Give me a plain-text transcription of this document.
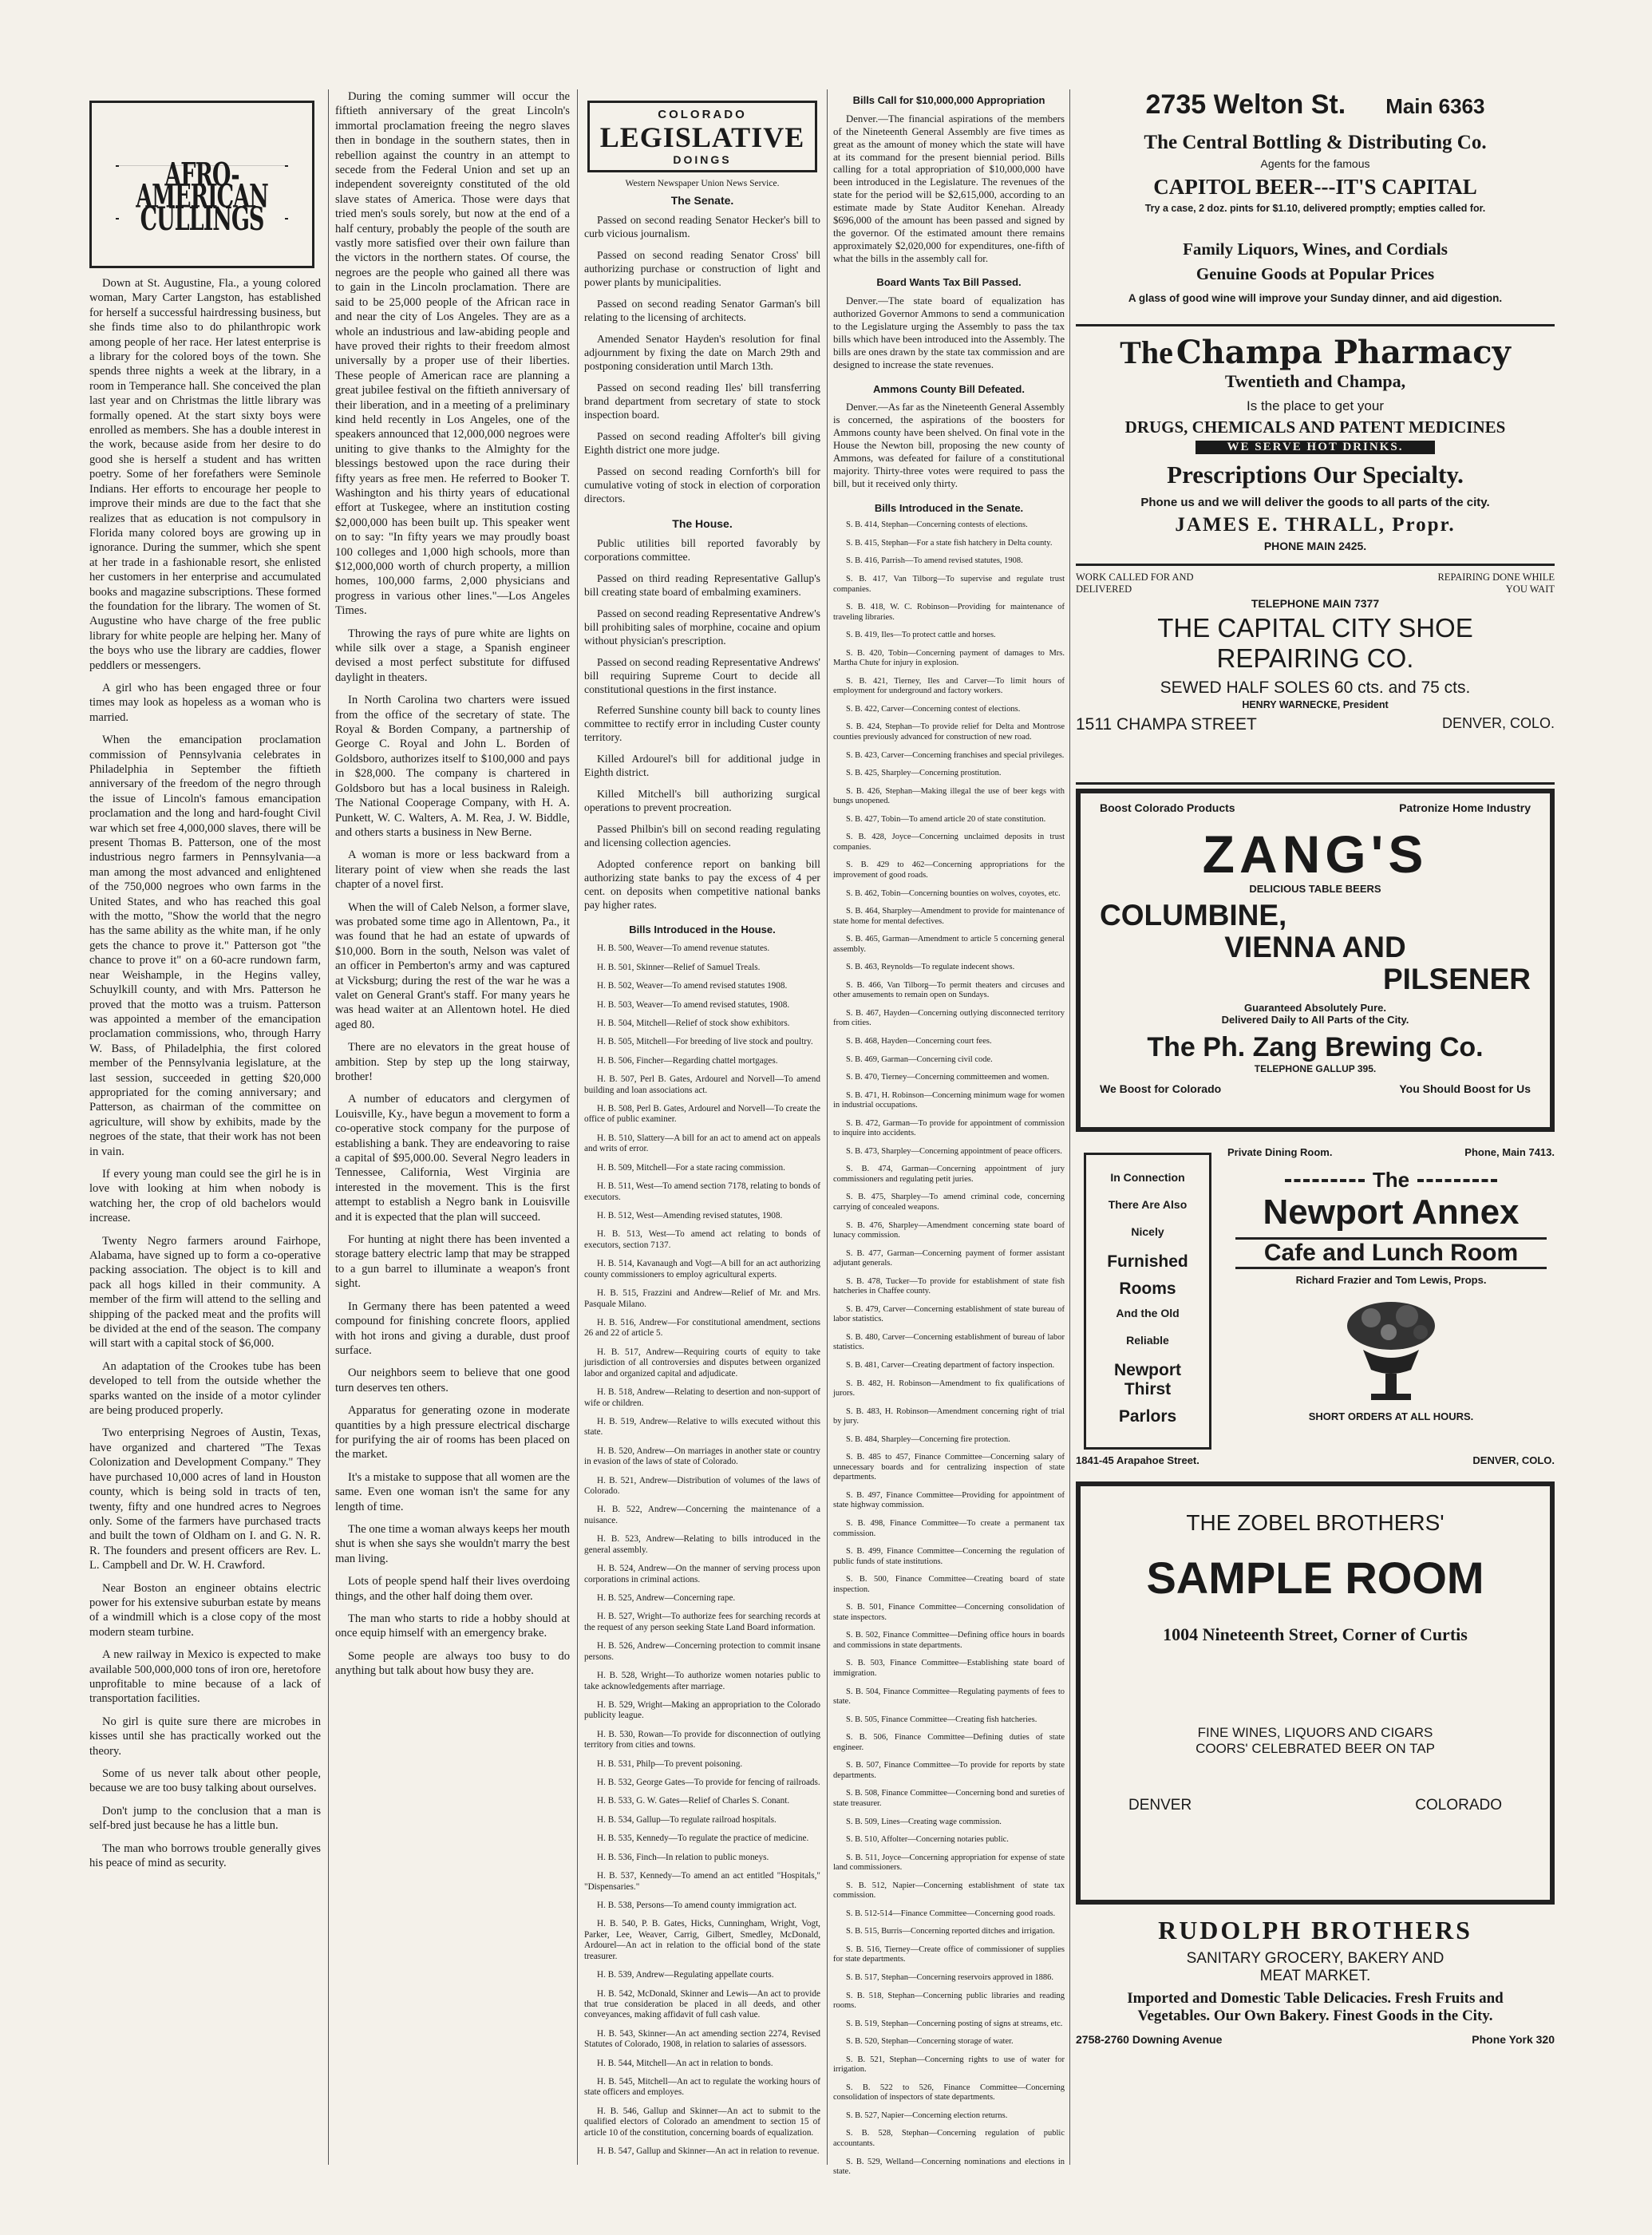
AFRO-AMERICAN CULLINGS

Down at St. Augustine, Fla., a young colored woman, Mary Carter Langston, has established for herself a successful hairdressing business, but she finds time also to do philanthropic work among people of her race. Her latest enterprise is a library for the colored boys of the town. She spends three nights a week at the library, in a room in Temperance hall. She conceived the plan last year and on Christmas the little library was formally opened. At the start sixty boys were enrolled as members. She has a double interest in the work, because aside from her desire to do good she is herself a student and has written poetry. Some of her forefathers were Seminole Indians. Her efforts to encourage her people to improve their minds are due to the fact that she realizes that as education is not compulsory in Florida many colored boys are growing up in ignorance. During the summer, which she spent at her trade in a fashionable resort, she enlisted her customers in her enterprise and accumulated books and magazine subscriptions. These formed the foundation for the library. The women of St. Augustine who have charge of the free public library for white people are helping her. Many of the boys who use the library are caddies, flower peddlers or messengers.

A girl who has been engaged three or four times may look as hopeless as a woman who is married.

When the emancipation proclamation commission of Pennsylvania celebrates in Philadelphia in September the fiftieth anniversary of the freedom of the negro through the issue of Lincoln's famous emancipation proclamation and the long and hard-fought Civil war which set free 4,000,000 slaves, there will be present Thomas B. Patterson, one of the most industrious negro farmers in Pennsylvania—a man among the most advanced and enlightened of the 750,000 negroes who own farms in the United States, and who has reached this goal with the motto, "Show the world that the negro has the same ability as the white man, if he only gets the chance to prove it." Patterson got "the chance to prove it" on a 60-acre rundown farm, near Weishample, in the Hegins valley, Schuylkill county, and with Mrs. Patterson he proved that the motto was a truism. Patterson was appointed a member of the emancipation proclamation commissions, who, through Harry W. Bass, of Philadelphia, the first colored member of the Pennsylvania legislature, at the last session, succeeded in getting $20,000 appropriated for the coming anniversary; and Patterson, as chairman of the committee on agriculture, will show by exhibits, made by the negroes of the state, that their work has not been in vain.

If every young man could see the girl he is in love with looking at him when nobody is watching her, the crop of old bachelors would increase.

Twenty Negro farmers around Fairhope, Alabama, have signed up to form a co-operative packing association. The object is to kill and pack all hogs killed in their community. A member of the firm will attend to the selling and shipping of the packed meat and the profits will be divided at the end of the season. The company will start with a capital stock of $6,000.

An adaptation of the Crookes tube has been developed to tell from the outside whether the sparks wanted on the inside of a motor cylinder are being produced properly.

Two enterprising Negroes of Austin, Texas, have organized and chartered "The Texas Colonization and Development Company." They have purchased 10,000 acres of land in Houston county, which is being sold in tracts of ten, twenty, fifty and one hundred acres to Negroes only. Some of the farmers have purchased tracts and built the town of Oldham on I. and G. N. R. R. The founders and present officers are Rev. L. L. Campbell and Dr. W. H. Crawford.

Near Boston an engineer obtains electric power for his extensive suburban estate by means of a windmill which is a close copy of the most modern steam turbine.

A new railway in Mexico is expected to make available 500,000,000 tons of iron ore, heretofore unprofitable to mine because of a lack of transportation facilities.

No girl is quite sure there are microbes in kisses until she has practically worked out the theory.

Some of us never talk about other people, because we are too busy talking about ourselves.

Don't jump to the conclusion that a man is self-bred just because he has a little bun.

The man who borrows trouble generally gives his peace of mind as security.

During the coming summer will occur the fiftieth anniversary of the great Lincoln's immortal proclamation freeing the negro slaves then in bondage in the southern states, then in rebellion against the country in an attempt to secede from the Federal Union and set up an independent sovereignty constituted of the old slave states of America. Those were days that tried men's souls sorely, but now at the end of a half century, probably the people of the south are vastly more satisfied over their own failure than the victors in the northern states. Of course, the negroes are the people who gained all there was to gain in the Lincoln proclamation. There are said to be 25,000 people of the African race in and near the city of Los Angeles. They are as a whole an industrious and law-abiding people and have proved their rights to their freedom almost universally by a proper use of their liberties. These people of American race are planning a great jubilee festival on the fiftieth anniversary of their liberation, and in a meeting of a preliminary kind held recently in Los Angeles, one of the speakers announced that 12,000,000 negroes were uniting to give thanks to the Almighty for the blessings bestowed upon the race during their fifty years as free men. He referred to Booker T. Washington and his thirty years of educational effort at Tuskegee, where an institution costing $2,000,000 has been built up. This speaker went on to say: "In fifty years we may proudly boast 100 colleges and 1,000 high schools, more than $12,000,000 worth of church property, a million homes, 100,000 farms, 2,000 physicians and progress in various other lines."—Los Angeles Times.

Throwing the rays of pure white are lights on while silk over a stage, a Spanish engineer devised a most perfect substitute for diffused daylight in theaters.

In North Carolina two charters were issued from the office of the secretary of state. The Royal & Borden Company, a partnership of George C. Royal and John L. Borden of Goldsboro, authorizes itself to $100,000 and pays in $28,000. The company is chartered in Goldsboro but has a local business in Raleigh. The National Cooperage Company, with H. A. Punkett, W. C. Walters, A. M. Rea, J. W. Biddle, and others starts a business in New Berne.

A woman is more or less backward from a literary point of view when she reads the last chapter of a novel first.

When the will of Caleb Nelson, a former slave, was probated some time ago in Allentown, Pa., it was found that he had an estate of upwards of $10,000. Born in the south, Nelson was valet of an officer in Pemberton's army and was captured at Vicksburg; during the rest of the war he was a valet on General Grant's staff. For many years he was head waiter at an Allentown hotel. He died aged 80.

There are no elevators in the great house of ambition. Step by step up the long stairway, brother!

A number of educators and clergymen of Louisville, Ky., have begun a movement to form a co-operative stock company for the purpose of establishing a bank. They are endeavoring to raise a capital of $95,000.00. Several Negro leaders in Tennessee, California, West Virginia are interested in the movement. This is the first attempt to establish a Negro bank in Louisville and it is expected that the plan will succeed.

For hunting at night there has been invented a storage battery electric lamp that may be strapped to a gun barrel to illuminate a weapon's front sight.

In Germany there has been patented a weed compound for finishing concrete floors, applied with hot irons and giving a durable, dust proof surface.

Our neighbors seem to believe that one good turn deserves ten others.

Apparatus for generating ozone in moderate quantities by a high pressure electrical discharge for purifying the air of rooms has been placed on the market.

It's a mistake to suppose that all women are the same. Even one woman isn't the same for any length of time.

The one time a woman always keeps her mouth shut is when she says she wouldn't marry the best man living.

Lots of people spend half their lives overdoing things, and the other half doing them over.

The man who starts to ride a hobby should at once equip himself with an emergency brake.

Some people are always too busy to do anything but talk about how busy they are.

COLORADO
LEGISLATIVE
DOINGS
Western Newspaper Union News Service.
The Senate.

Passed on second reading Senator Hecker's bill to curb vicious journalism.

Passed on second reading Senator Cross' bill authorizing purchase or construction of light and power plants by municipalities.

Passed on second reading Senator Garman's bill relating to the licensing of architects.

Amended Senator Hayden's resolution for final adjournment by fixing the date on March 29th and postponing consideration until March 13th.

Passed on second reading Iles' bill transferring brand department from secretary of state to stock inspection board.

Passed on second reading Affolter's bill giving Eighth district one more judge.

Passed on second reading Cornforth's bill for cumulative voting of stock in election of corporation directors.

The House.

Public utilities bill reported favorably by corporations committee.

Passed on third reading Representative Gallup's bill creating state board of embalming examiners.

Passed on second reading Representative Andrew's bill prohibiting sales of morphine, cocaine and opium without physician's prescription.

Passed on second reading Representative Andrews' bill requiring Supreme Court to decide all constitutional questions in the first instance.

Referred Sunshine county bill back to county lines committee to rectify error in including Custer county territory.

Killed Ardourel's bill for additional judge in Eighth district.

Killed Mitchell's bill authorizing surgical operations to prevent procreation.

Passed Philbin's bill on second reading regulating and licensing collection agencies.

Adopted conference report on banking bill authorizing state banks to pay the excess of 4 per cent. on deposits when competitive national banks pay higher rates.

Bills Introduced in the House.

H. B. 500, Weaver—To amend revenue statutes.

H. B. 501, Skinner—Relief of Samuel Treals.

H. B. 502, Weaver—To amend revised statutes 1908.

H. B. 503, Weaver—To amend revised statutes, 1908.

H. B. 504, Mitchell—Relief of stock show exhibitors.

H. B. 505, Mitchell—For breeding of live stock and poultry.

H. B. 506, Fincher—Regarding chattel mortgages.

H. B. 507, Perl B. Gates, Ardourel and Norvell—To amend building and loan associations act.

H. B. 508, Perl B. Gates, Ardourel and Norvell—To create the office of public examiner.

H. B. 510, Slattery—A bill for an act to amend act on appeals and writs of error.

H. B. 509, Mitchell—For a state racing commission.

H. B. 511, West—To amend section 7178, relating to bonds of executors.

H. B. 512, West—Amending revised statutes, 1908.

H. B. 513, West—To amend act relating to bonds of executors, section 7137.

H. B. 514, Kavanaugh and Vogt—A bill for an act authorizing county commissioners to employ agricultural experts.

H. B. 515, Frazzini and Andrew—Relief of Mr. and Mrs. Pasquale Milano.

H. B. 516, Andrew—For constitutional amendment, sections 26 and 22 of article 5.

H. B. 517, Andrew—Requiring courts of equity to take jurisdiction of all controversies and disputes between organized labor and organized capital and adjudicate.

H. B. 518, Andrew—Relating to desertion and non-support of wife or children.

H. B. 519, Andrew—Relative to wills executed without this state.

H. B. 520, Andrew—On marriages in another state or country in evasion of the laws of state of Colorado.

H. B. 521, Andrew—Distribution of volumes of the laws of Colorado.

H. B. 522, Andrew—Concerning the maintenance of a nuisance.

H. B. 523, Andrew—Relating to bills introduced in the general assembly.

H. B. 524, Andrew—On the manner of serving process upon corporations in criminal actions.

H. B. 525, Andrew—Concerning rape.

H. B. 527, Wright—To authorize fees for searching records at the request of any person seeking State Land Board information.

H. B. 526, Andrew—Concerning protection to commit insane persons.

H. B. 528, Wright—To authorize women notaries public to take acknowledgements after marriage.

H. B. 529, Wright—Making an appropriation to the Colorado publicity league.

H. B. 530, Rowan—To provide for disconnection of outlying territory from cities and towns.

H. B. 531, Philp—To prevent poisoning.

H. B. 532, George Gates—To provide for fencing of railroads.

H. B. 533, G. W. Gates—Relief of Charles S. Conant.

H. B. 534, Gallup—To regulate railroad hospitals.

H. B. 535, Kennedy—To regulate the practice of medicine.

H. B. 536, Finch—In relation to public moneys.

H. B. 537, Kennedy—To amend an act entitled "Hospitals," "Dispensaries."

H. B. 538, Persons—To amend county immigration act.

H. B. 540, P. B. Gates, Hicks, Cunningham, Wright, Vogt, Parker, Lee, Weaver, Carrig, Gilbert, Smedley, McDonald, Ardourel—An act in relation to the official bond of the state treasurer.

H. B. 539, Andrew—Regulating appellate courts.

H. B. 542, McDonald, Skinner and Lewis—An act to provide that true consideration be placed in all deeds, and other conveyances, making affidavit of full cash value.

H. B. 543, Skinner—An act amending section 2274, Revised Statutes of Colorado, 1908, in relation to salaries of assessors.

H. B. 544, Mitchell—An act in relation to bonds.

H. B. 545, Mitchell—An act to regulate the working hours of state officers and employes.

H. B. 546, Gallup and Skinner—An act to submit to the qualified electors of Colorado an amendment to section 15 of article 10 of the constitution, concerning boards of equalization.

H. B. 547, Gallup and Skinner—An act in relation to revenue.

Bills Call for $10,000,000 Appropriation

Denver.—The financial aspirations of the members of the Nineteenth General Assembly are five times as great as the amount of money which the state will have at its command for the present biennial period. Bills calling for a total appropriation of $10,000,000 have been introduced in the Legislature. The revenues of the state for the period will be $2,615,000, according to an estimate made by State Auditor Kenehan. Already $696,000 of the amount has been passed and signed by the governor. Of the estimated amount there remains approximately $2,020,000 for expenditures, one-fifth of what the bills in the assembly call for.

Board Wants Tax Bill Passed.

Denver.—The state board of equalization has authorized Governor Ammons to send a communication to the Legislature urging the Assembly to pass the tax bills which have been introduced into the Assembly. The bills are ones drawn by the state tax commission and are designed to increase the state revenues.

Ammons County Bill Defeated.

Denver.—As far as the Nineteenth General Assembly is concerned, the aspirations of the boosters for Ammons county have been shelved. On final vote in the House the Newton bill, proposing the new county of Ammons, was defeated for failure of a constitutional majority. Thirty-three votes were required to pass the bill, but it received only thirty.

Bills Introduced in the Senate.

S. B. 414, Stephan—Concerning contests of elections.

S. B. 415, Stephan—For a state fish hatchery in Delta county.

S. B. 416, Parrish—To amend revised statutes, 1908.

S. B. 417, Van Tilborg—To supervise and regulate trust companies.

S. B. 418, W. C. Robinson—Providing for maintenance of traveling libraries.

S. B. 419, Iles—To protect cattle and horses.

S. B. 420, Tobin—Concerning payment of damages to Mrs. Martha Chute for injury in explosion.

S. B. 421, Tierney, Iles and Carver—To limit hours of employment for underground and factory workers.

S. B. 422, Carver—Concerning contest of elections.

S. B. 424, Stephan—To provide relief for Delta and Montrose counties previously advanced for construction of new road.

S. B. 423, Carver—Concerning franchises and special privileges.

S. B. 425, Sharpley—Concerning prostitution.

S. B. 426, Stephan—Making illegal the use of beer kegs with bungs unopened.

S. B. 427, Tobin—To amend article 20 of state constitution.

S. B. 428, Joyce—Concerning unclaimed deposits in trust companies.

S. B. 429 to 462—Concerning appropriations for the improvement of good roads.

S. B. 462, Tobin—Concerning bounties on wolves, coyotes, etc.

S. B. 464, Sharpley—Amendment to provide for maintenance of state home for mental defectives.

S. B. 465, Garman—Amendment to article 5 concerning general assembly.

S. B. 463, Reynolds—To regulate indecent shows.

S. B. 466, Van Tilborg—To permit theaters and circuses and other amusements to remain open on Sundays.

S. B. 467, Hayden—Concerning outlying disconnected territory from cities.

S. B. 468, Hayden—Concerning court fees.

S. B. 469, Garman—Concerning civil code.

S. B. 470, Tierney—Concerning committeemen and women.

S. B. 471, H. Robinson—Concerning minimum wage for women in industrial occupations.

S. B. 472, Garman—To provide for appointment of commission to inquire into accidents.

S. B. 473, Sharpley—Concerning appointment of peace officers.

S. B. 474, Garman—Concerning appointment of jury commissioners and regulating petit juries.

S. B. 475, Sharpley—To amend criminal code, concerning carrying of concealed weapons.

S. B. 476, Sharpley—Amendment concerning state board of lunacy commission.

S. B. 477, Garman—Concerning payment of former assistant adjutant generals.

S. B. 478, Tucker—To provide for establishment of state fish hatcheries in Chaffee county.

S. B. 479, Carver—Concerning establishment of state bureau of labor statistics.

S. B. 480, Carver—Concerning establishment of bureau of labor statistics.

S. B. 481, Carver—Creating department of factory inspection.

S. B. 482, H. Robinson—Amendment to fix qualifications of jurors.

S. B. 483, H. Robinson—Amendment concerning right of trial by jury.

S. B. 484, Sharpley—Concerning fire protection.

S. B. 485 to 457, Finance Committee—Concerning salary of unnecessary boards and for centralizing inspection of state departments.

S. B. 497, Finance Committee—Providing for appointment of state highway commission.

S. B. 498, Finance Committee—To create a permanent tax commission.

S. B. 499, Finance Committee—Concerning the regulation of public funds of state institutions.

S. B. 500, Finance Committee—Creating board of state inspection.

S. B. 501, Finance Committee—Concerning consolidation of state inspectors.

S. B. 502, Finance Committee—Defining office hours in boards and commissions in state departments.

S. B. 503, Finance Committee—Establishing state board of immigration.

S. B. 504, Finance Committee—Regulating payments of fees to state.

S. B. 505, Finance Committee—Creating fish hatcheries.

S. B. 506, Finance Committee—Defining duties of state engineer.

S. B. 507, Finance Committee—To provide for reports by state departments.

S. B. 508, Finance Committee—Concerning bond and sureties of state treasurer.

S. B. 509, Lines—Creating wage commission.

S. B. 510, Affolter—Concerning notaries public.

S. B. 511, Joyce—Concerning appropriation for expense of state land commissioners.

S. B. 512, Napier—Concerning establishment of state tax commission.

S. B. 512-514—Finance Committee—Concerning good roads.

S. B. 515, Burris—Concerning reported ditches and irrigation.

S. B. 516, Tierney—Create office of commissioner of supplies for state departments.

S. B. 517, Stephan—Concerning reservoirs approved in 1886.

S. B. 518, Stephan—Concerning public libraries and reading rooms.

S. B. 519, Stephan—Concerning posting of signs at streams, etc.

S. B. 520, Stephan—Concerning storage of water.

S. B. 521, Stephan—Concerning rights to use of water for irrigation.

S. B. 522 to 526, Finance Committee—Concerning consolidation of inspectors of state departments.

S. B. 527, Napier—Concerning election returns.

S. B. 528, Stephan—Concerning regulation of public accountants.

S. B. 529, Welland—Concerning nominations and elections in state.

2735 Welton St. Main 6363
The Central Bottling & Distributing Co.
Agents for the famous
CAPITOL BEER---IT'S CAPITAL
Try a case, 2 doz. pints for $1.10, delivered promptly; empties called for.
Family Liquors, Wines, and Cordials
Genuine Goods at Popular Prices
A glass of good wine will improve your Sunday dinner, and aid digestion.
The Champa Pharmacy
Twentieth and Champa,
Is the place to get your
DRUGS, CHEMICALS AND PATENT MEDICINES
WE SERVE HOT DRINKS.
Prescriptions Our Specialty.
Phone us and we will deliver the goods to all parts of the city.
JAMES E. THRALL, Propr.
PHONE MAIN 2425.
WORK CALLED FOR AND DELIVERED
REPAIRING DONE WHILE YOU WAIT
TELEPHONE MAIN 7377
THE CAPITAL CITY SHOE
REPAIRING CO.
SEWED HALF SOLES 60 cts. and 75 cts.
HENRY WARNECKE, President
1511 CHAMPA STREET	DENVER, COLO.
Boost Colorado Products	Patronize Home Industry
ZANG'S
DELICIOUS TABLE BEERS
COLUMBINE,
VIENNA AND
PILSENER
Guaranteed Absolutely Pure.
Delivered Daily to All Parts of the City.
The Ph. Zang Brewing Co.
TELEPHONE GALLUP 395.
We Boost for Colorado	You Should Boost for Us
In Connection
There Are Also
Nicely
Furnished
Rooms
And the Old
Reliable
Newport Thirst
Parlors
Private Dining Room.	Phone, Main 7413.
The
Newport Annex
Cafe and Lunch Room
Richard Frazier and Tom Lewis, Props.
SHORT ORDERS AT ALL HOURS.
1841-45 Arapahoe Street.	DENVER, COLO.
THE ZOBEL BROTHERS'
SAMPLE ROOM
1004 Nineteenth Street, Corner of Curtis
FINE WINES, LIQUORS AND CIGARS
COORS' CELEBRATED BEER ON TAP
DENVER	COLORADO
RUDOLPH BROTHERS
SANITARY GROCERY, BAKERY AND
MEAT MARKET.
Imported and Domestic Table Delicacies. Fresh Fruits and
Vegetables. Our Own Bakery. Finest Goods in the City.
2758-2760 Downing Avenue	Phone York 320
